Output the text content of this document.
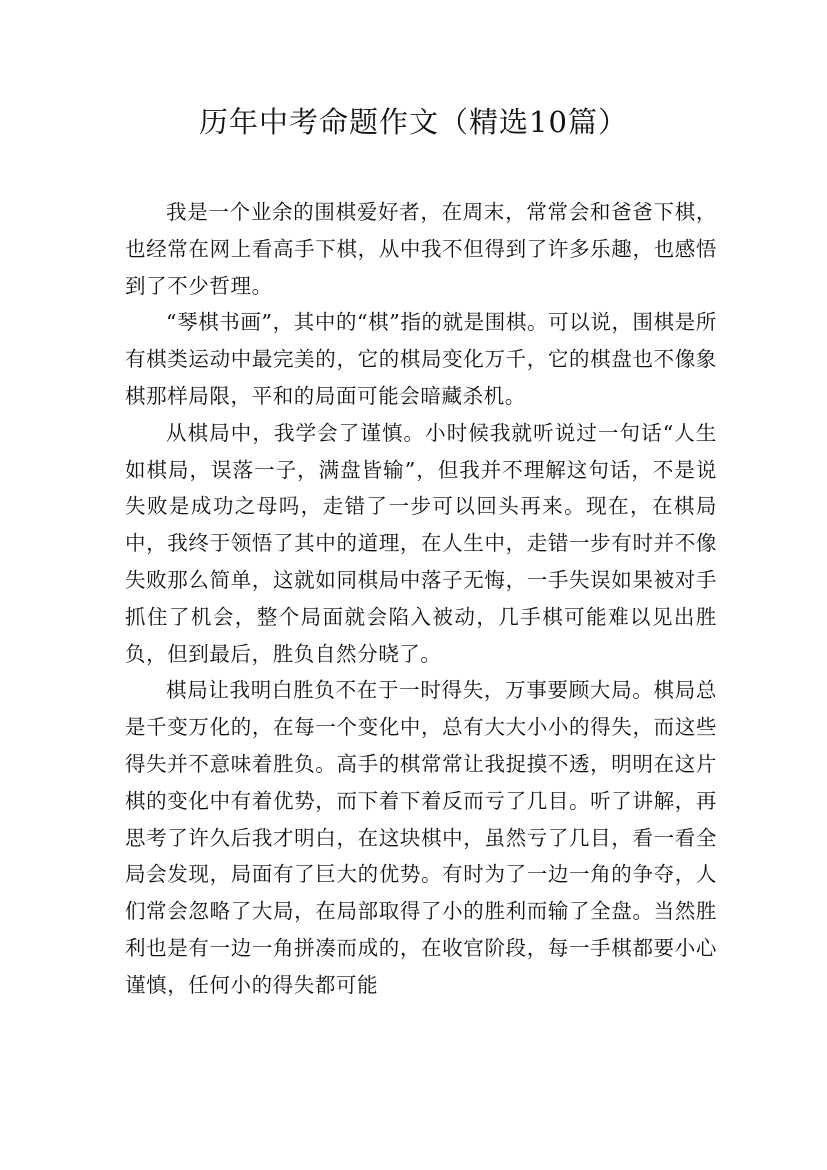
历年中考命题作文（精选10篇）

我是一个业余的围棋爱好者，在周末，常常会和爸爸下棋，也经常在网上看高手下棋，从中我不但得到了许多乐趣，也感悟到了不少哲理。

“琴棋书画”，其中的“棋”指的就是围棋。可以说，围棋是所有棋类运动中最完美的，它的棋局变化万千，它的棋盘也不像象棋那样局限，平和的局面可能会暗藏杀机。

从棋局中，我学会了谨慎。小时候我就听说过一句话“人生如棋局，误落一子，满盘皆输”，但我并不理解这句话，不是说失败是成功之母吗，走错了一步可以回头再来。现在，在棋局中，我终于领悟了其中的道理，在人生中，走错一步有时并不像失败那么简单，这就如同棋局中落子无悔，一手失误如果被对手抓住了机会，整个局面就会陷入被动，几手棋可能难以见出胜负，但到最后，胜负自然分晓了。

棋局让我明白胜负不在于一时得失，万事要顾大局。棋局总是千变万化的，在每一个变化中，总有大大小小的得失，而这些得失并不意味着胜负。高手的棋常常让我捉摸不透，明明在这片棋的变化中有着优势，而下着下着反而亏了几目。听了讲解，再思考了许久后我才明白，在这块棋中，虽然亏了几目，看一看全局会发现，局面有了巨大的优势。有时为了一边一角的争夺，人们常会忽略了大局，在局部取得了小的胜利而输了全盘。当然胜利也是有一边一角拼凑而成的，在收官阶段，每一手棋都要小心谨慎，任何小的得失都可能
